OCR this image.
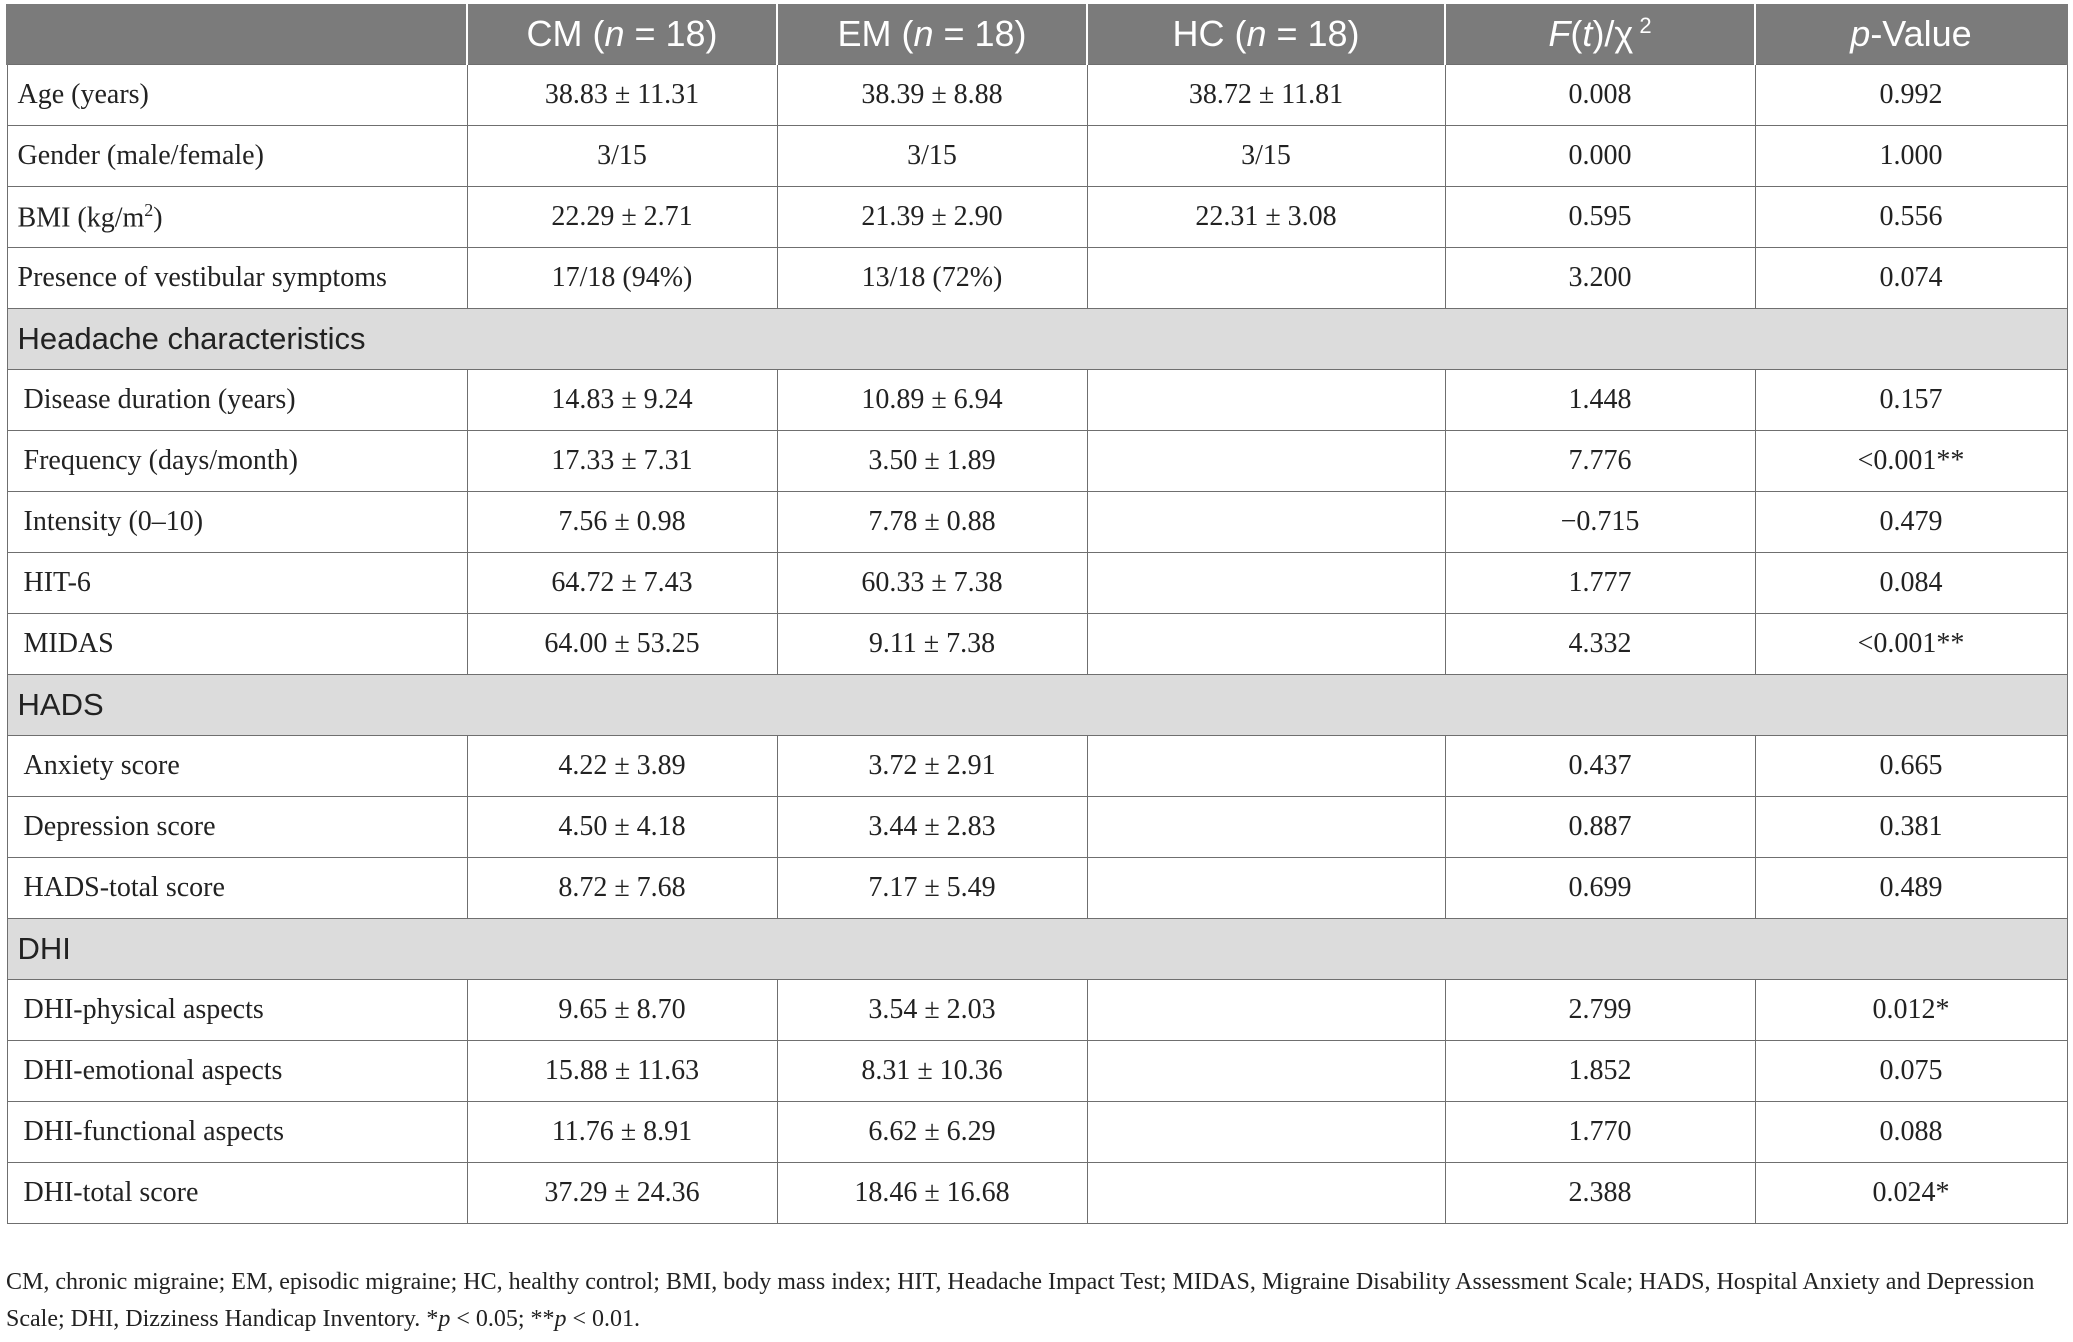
	CM (n = 18)	EM (n = 18)	HC (n = 18)	F(t)/χ $^2$	p-Value
Age (years)	38.83 ± 11.31	38.39 ± 8.88	38.72 ± 11.81	0.008	0.992
Gender (male/female)	3/15	3/15	3/15	0.000	1.000
BMI $(kg/m^2)$	22.29 ± 2.71	21.39 ± 2.90	22.31 ± 3.08	0.595	0.556
Presence of vestibular symptoms	17/18 (94%)	13/18 (72%)		3.200	0.074
Headache characteristics					
Disease duration (years)	14.83 ± 9.24	10.89 ± 6.94		1.448	0.157
Frequency (days/month)	17.33 ± 7.31	3.50 ± 1.89		7.776	<0.001**
Intensity (0–10)	7.56 ± 0.98	7.78 ± 0.88		−0.715	0.479
HIT-6	64.72 ± 7.43	60.33 ± 7.38		1.777	0.084
MIDAS	64.00 ± 53.25	9.11 ± 7.38		4.332	<0.001**
HADS					
Anxiety score	4.22 ± 3.89	3.72 ± 2.91		0.437	0.665
Depression score	4.50 ± 4.18	3.44 ± 2.83		0.887	0.381
HADS-total score	8.72 ± 7.68	7.17 ± 5.49		0.699	0.489
DHI					
DHI-physical aspects	9.65 ± 8.70	3.54 ± 2.03		2.799	0.012*
DHI-emotional aspects	15.88 ± 11.63	8.31 ± 10.36		1.852	0.075
DHI-functional aspects	11.76 ± 8.91	6.62 ± 6.29		1.770	0.088
DHI-total score	37.29 ± 24.36	18.46 ± 16.68		2.388	0.024*
CM, chronic migraine; EM, episodic migraine; HC, healthy control; BMI, body mass index; HIT, Headache Impact Test; MIDAS, Migraine Disability Assessment Scale; HADS, Hospital Anxiety and Depression Scale; DHI, Dizziness Handicap Inventory. *p < 0.05; **p < 0.01.
